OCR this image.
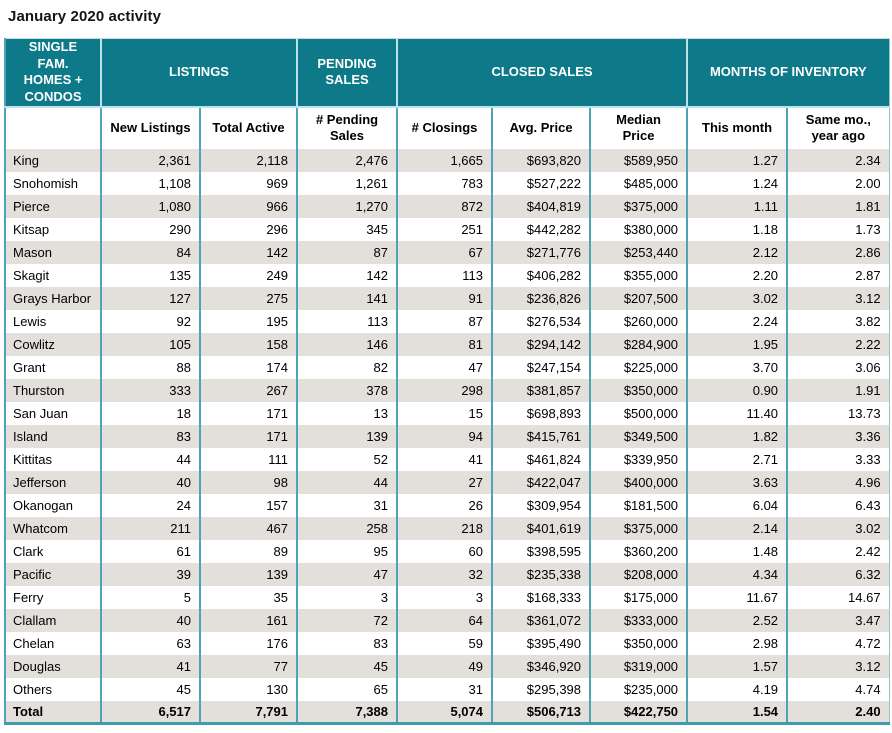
January 2020 activity
SINGLE FAM. HOMES + CONDOS	LISTINGS		PENDING SALES	CLOSED SALES			MONTHS OF INVENTORY	
	New Listings	Total Active	# Pending Sales	# Closings	Avg. Price	Median Price	This month	Same mo., year ago
King	2,361	2,118	2,476	1,665	$693,820	$589,950	1.27	2.34
Snohomish	1,108	969	1,261	783	$527,222	$485,000	1.24	2.00
Pierce	1,080	966	1,270	872	$404,819	$375,000	1.11	1.81
Kitsap	290	296	345	251	$442,282	$380,000	1.18	1.73
Mason	84	142	87	67	$271,776	$253,440	2.12	2.86
Skagit	135	249	142	113	$406,282	$355,000	2.20	2.87
Grays Harbor	127	275	141	91	$236,826	$207,500	3.02	3.12
Lewis	92	195	113	87	$276,534	$260,000	2.24	3.82
Cowlitz	105	158	146	81	$294,142	$284,900	1.95	2.22
Grant	88	174	82	47	$247,154	$225,000	3.70	3.06
Thurston	333	267	378	298	$381,857	$350,000	0.90	1.91
San Juan	18	171	13	15	$698,893	$500,000	11.40	13.73
Island	83	171	139	94	$415,761	$349,500	1.82	3.36
Kittitas	44	111	52	41	$461,824	$339,950	2.71	3.33
Jefferson	40	98	44	27	$422,047	$400,000	3.63	4.96
Okanogan	24	157	31	26	$309,954	$181,500	6.04	6.43
Whatcom	211	467	258	218	$401,619	$375,000	2.14	3.02
Clark	61	89	95	60	$398,595	$360,200	1.48	2.42
Pacific	39	139	47	32	$235,338	$208,000	4.34	6.32
Ferry	5	35	3	3	$168,333	$175,000	11.67	14.67
Clallam	40	161	72	64	$361,072	$333,000	2.52	3.47
Chelan	63	176	83	59	$395,490	$350,000	2.98	4.72
Douglas	41	77	45	49	$346,920	$319,000	1.57	3.12
Others	45	130	65	31	$295,398	$235,000	4.19	4.74
Total	6,517	7,791	7,388	5,074	$506,713	$422,750	1.54	2.40
